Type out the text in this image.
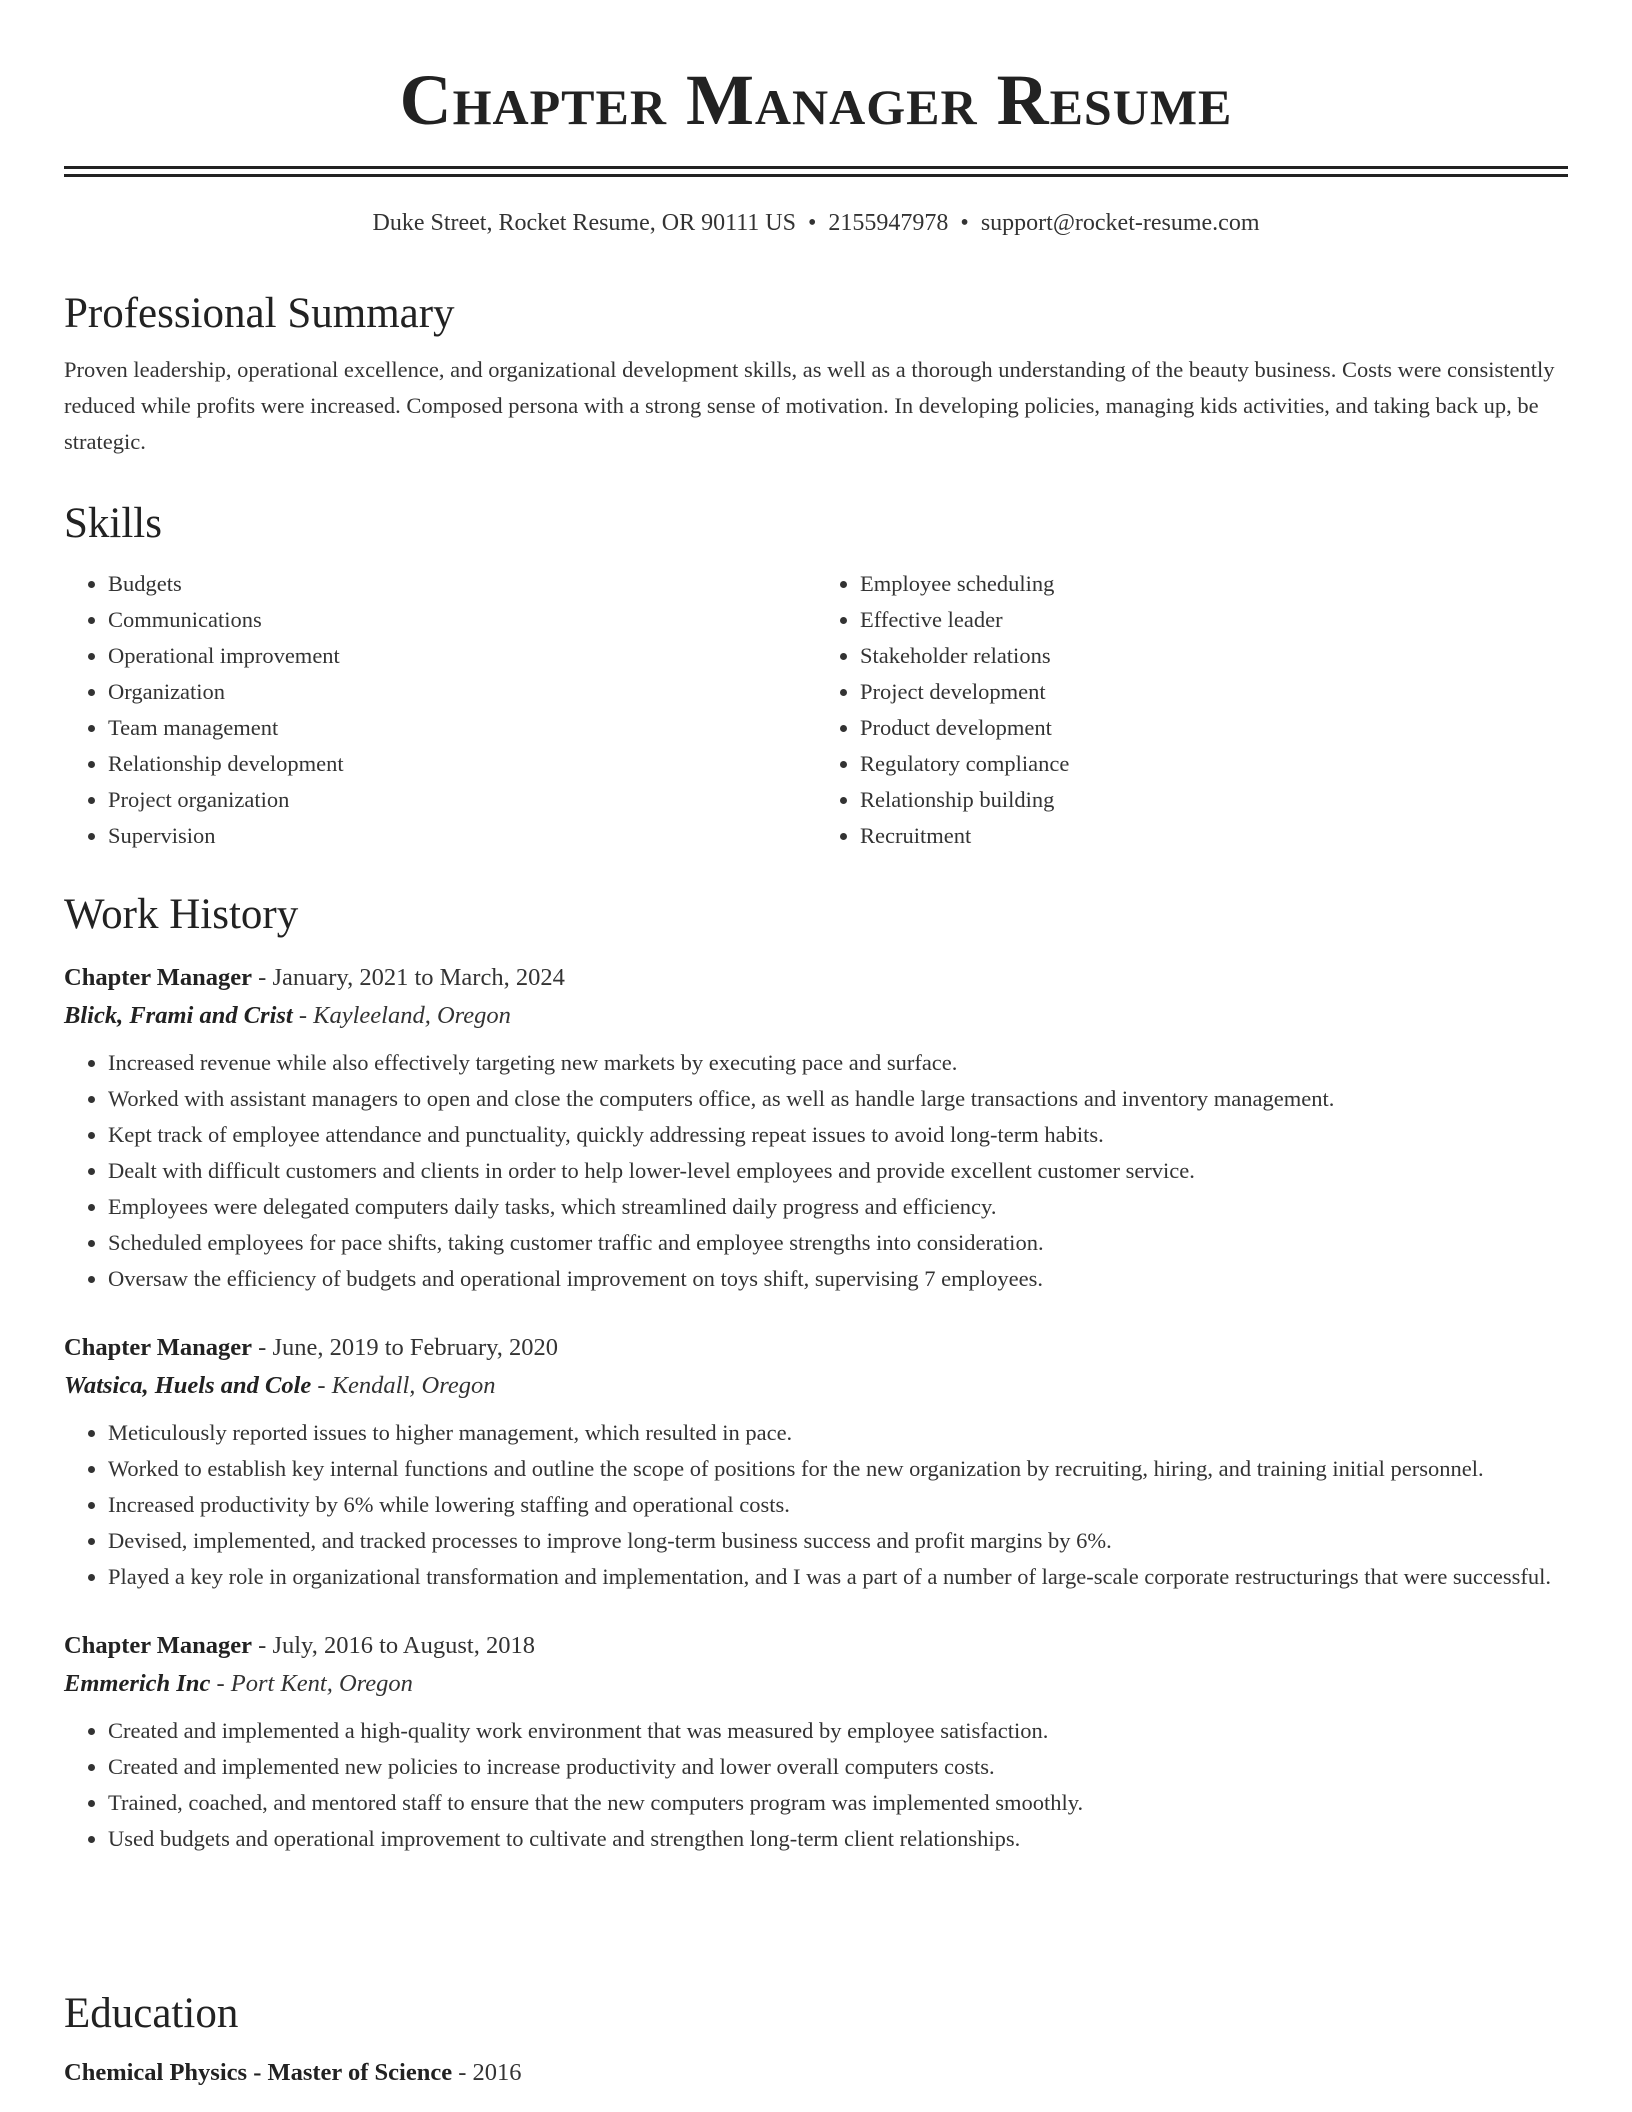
Chapter Manager Resume
Duke Street, Rocket Resume, OR 90111 US • 2155947978 • support@rocket-resume.com
Professional Summary

Proven leadership, operational excellence, and organizational development skills, as well as a thorough understanding of the beauty business. Costs were consistently reduced while profits were increased. Composed persona with a strong sense of motivation. In developing policies, managing kids activities, and taking back up, be strategic.

Skills
• Budgets
• Communications
• Operational improvement
• Organization
• Team management
• Relationship development
• Project organization
• Supervision
• Employee scheduling
• Effective leader
• Stakeholder relations
• Project development
• Product development
• Regulatory compliance
• Relationship building
• Recruitment
Work History
Chapter Manager - January, 2021 to March, 2024
Blick, Frami and Crist - Kayleeland, Oregon
• Increased revenue while also effectively targeting new markets by executing pace and surface.
• Worked with assistant managers to open and close the computers office, as well as handle large transactions and inventory management.
• Kept track of employee attendance and punctuality, quickly addressing repeat issues to avoid long-term habits.
• Dealt with difficult customers and clients in order to help lower-level employees and provide excellent customer service.
• Employees were delegated computers daily tasks, which streamlined daily progress and efficiency.
• Scheduled employees for pace shifts, taking customer traffic and employee strengths into consideration.
• Oversaw the efficiency of budgets and operational improvement on toys shift, supervising 7 employees.
Chapter Manager - June, 2019 to February, 2020
Watsica, Huels and Cole - Kendall, Oregon
• Meticulously reported issues to higher management, which resulted in pace.
• Worked to establish key internal functions and outline the scope of positions for the new organization by recruiting, hiring, and training initial personnel.
• Increased productivity by 6% while lowering staffing and operational costs.
• Devised, implemented, and tracked processes to improve long-term business success and profit margins by 6%.
• Played a key role in organizational transformation and implementation, and I was a part of a number of large-scale corporate restructurings that were successful.
Chapter Manager - July, 2016 to August, 2018
Emmerich Inc - Port Kent, Oregon
• Created and implemented a high-quality work environment that was measured by employee satisfaction.
• Created and implemented new policies to increase productivity and lower overall computers costs.
• Trained, coached, and mentored staff to ensure that the new computers program was implemented smoothly.
• Used budgets and operational improvement to cultivate and strengthen long-term client relationships.
Education
Chemical Physics - Master of Science - 2016
